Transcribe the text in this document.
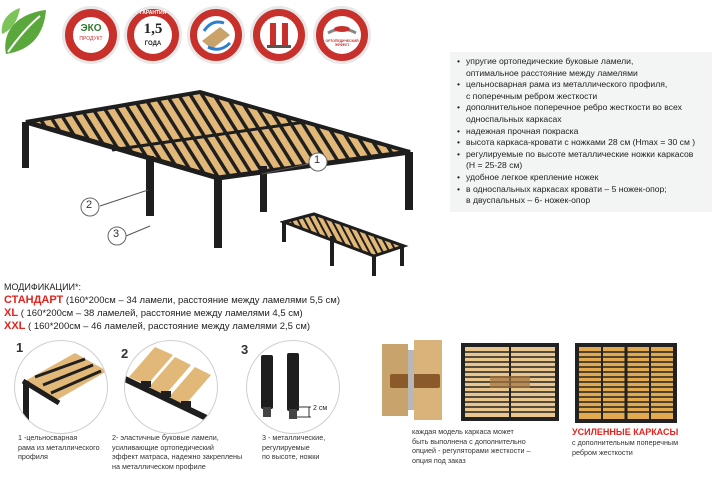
ЭКО
ПРОДУКТ
ГАРАНТИЯ
1,5
ГОДА	ОРТОПЕДИЧЕСКИЙ ЭФФЕКТ
• упругие ортопедические буковые ламели,
оптимальное расстояние между ламелями
• цельносварная рама из металлического профиля,
с поперечным ребром жесткости
• дополнительное поперечное ребро жесткости во всех
односпальных каркасах
• надежная прочная покраска
• высота каркаса-кровати с ножками 28 см (Hmax = 30 см )
• регулируемые по высоте металлические ножки каркасов
(H = 25-28 см)
• удобное легкое крепление ножек
• в односпальных каркасах кровати – 5 ножек-опор;
в двуспальных – 6- ножек-опор
1
2
3
МОДИФИКАЦИИ*:
СТАНДАРТ (160*200см – 34 ламели, расстояние между ламелями 5,5 см)
XL ( 160*200см – 38 ламелей, расстояние между ламелями 4,5 см)
XXL ( 160*200см – 46 ламелей, расстояние между ламелями 2,5 см)
1
1 -цельносварная
рама из металлического
профиля
2
2- эластичные буковые ламели,
усиливающие ортопедический
эффект матраса, надежно закреплены
на металлическом профиле
3
2 см
3 - металлические,
регулируемые
по высоте, ножки
каждая модель каркаса может
быть выполнена с дополнительно
опцией - регуляторами жесткости –
опция под заказ
УСИЛЕННЫЕ КАРКАСЫ
с дополнительным поперечным
ребром жесткости
